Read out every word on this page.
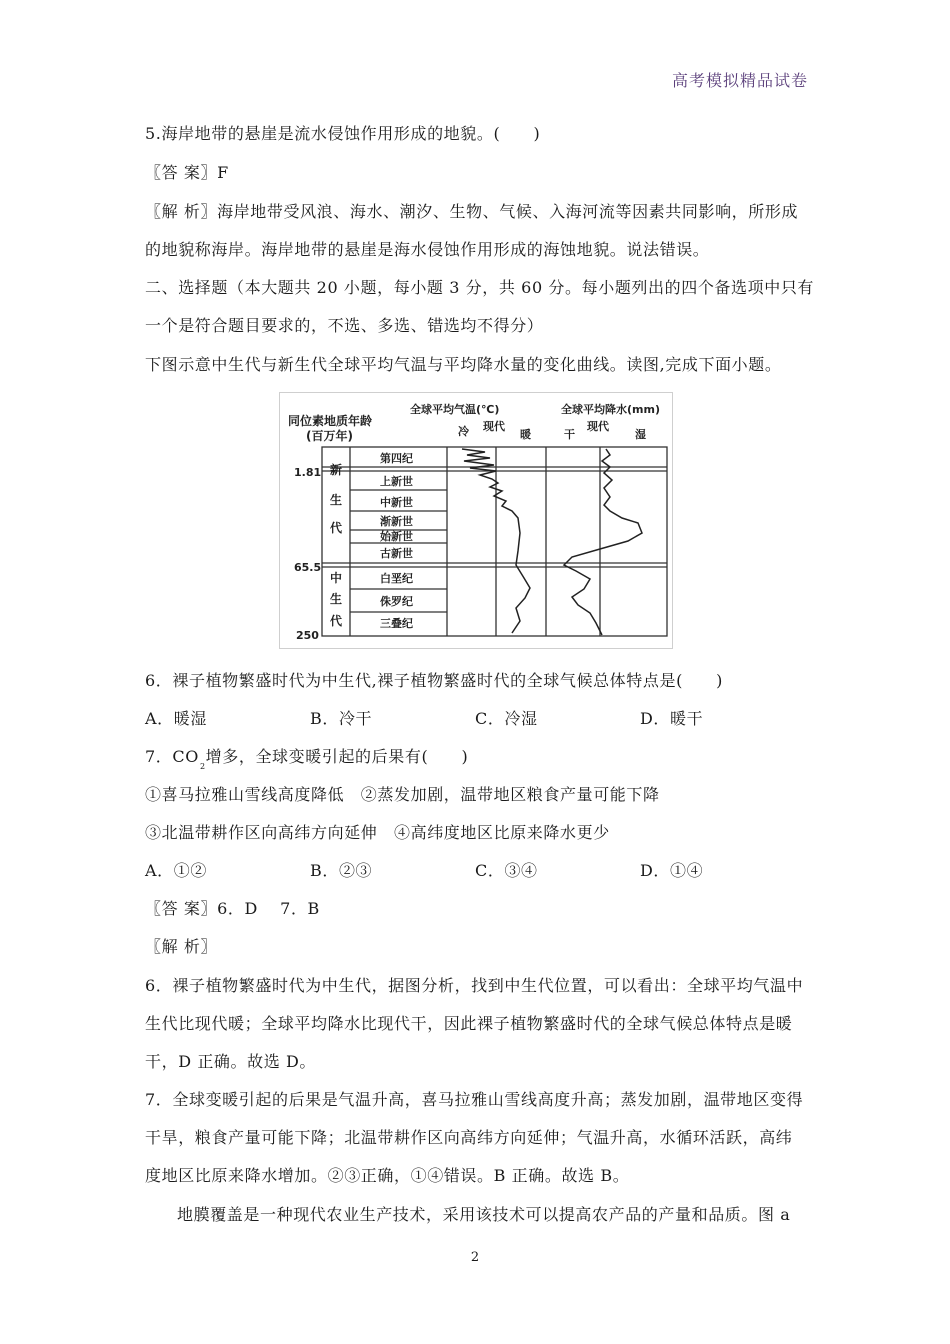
高考模拟精品试卷
5.海岸地带的悬崖是流水侵蚀作用形成的地貌。(　　)
〖答 案〗F
〖解 析〗海岸地带受风浪、海水、潮汐、生物、气候、入海河流等因素共同影响，所形成
的地貌称海岸。海岸地带的悬崖是海水侵蚀作用形成的海蚀地貌。说法错误。
二、选择题（本大题共 20 小题，每小题 3 分，共 60 分。每小题列出的四个备选项中只有
一个是符合题目要求的，不选、多选、错选均不得分）
下图示意中生代与新生代全球平均气温与平均降水量的变化曲线。读图,完成下面小题。
同位素地质年龄
(百万年)
全球平均气温(℃)
冷 现代
暖
全球平均降水(mm)
干
现代
湿
1.81
65.5
250
新
生
代
中
生
代
第四纪
上新世
中新世
渐新世
始新世
古新世
白垩纪
侏罗纪
三叠纪
6．裸子植物繁盛时代为中生代,裸子植物繁盛时代的全球气候总体特点是(　　)
A．暖湿	B．冷干	C．冷湿	D．暖干
7．$CO_2$增多，全球变暖引起的后果有(　　)
①喜马拉雅山雪线高度降低　②蒸发加剧，温带地区粮食产量可能下降
③北温带耕作区向高纬方向延伸　④高纬度地区比原来降水更少
A．①②	B．②③	C．③④	D．①④
〖答 案〗6．D　 7．B
〖解 析〗
6．裸子植物繁盛时代为中生代，据图分析，找到中生代位置，可以看出：全球平均气温中
生代比现代暖；全球平均降水比现代干，因此裸子植物繁盛时代的全球气候总体特点是暖
干，D 正确。故选 D。
7．全球变暖引起的后果是气温升高，喜马拉雅山雪线高度升高；蒸发加剧，温带地区变得
干旱，粮食产量可能下降；北温带耕作区向高纬方向延伸；气温升高，水循环活跃，高纬
度地区比原来降水增加。②③正确，①④错误。B 正确。故选 B。
地膜覆盖是一种现代农业生产技术，采用该技术可以提高农产品的产量和品质。图 a
2
